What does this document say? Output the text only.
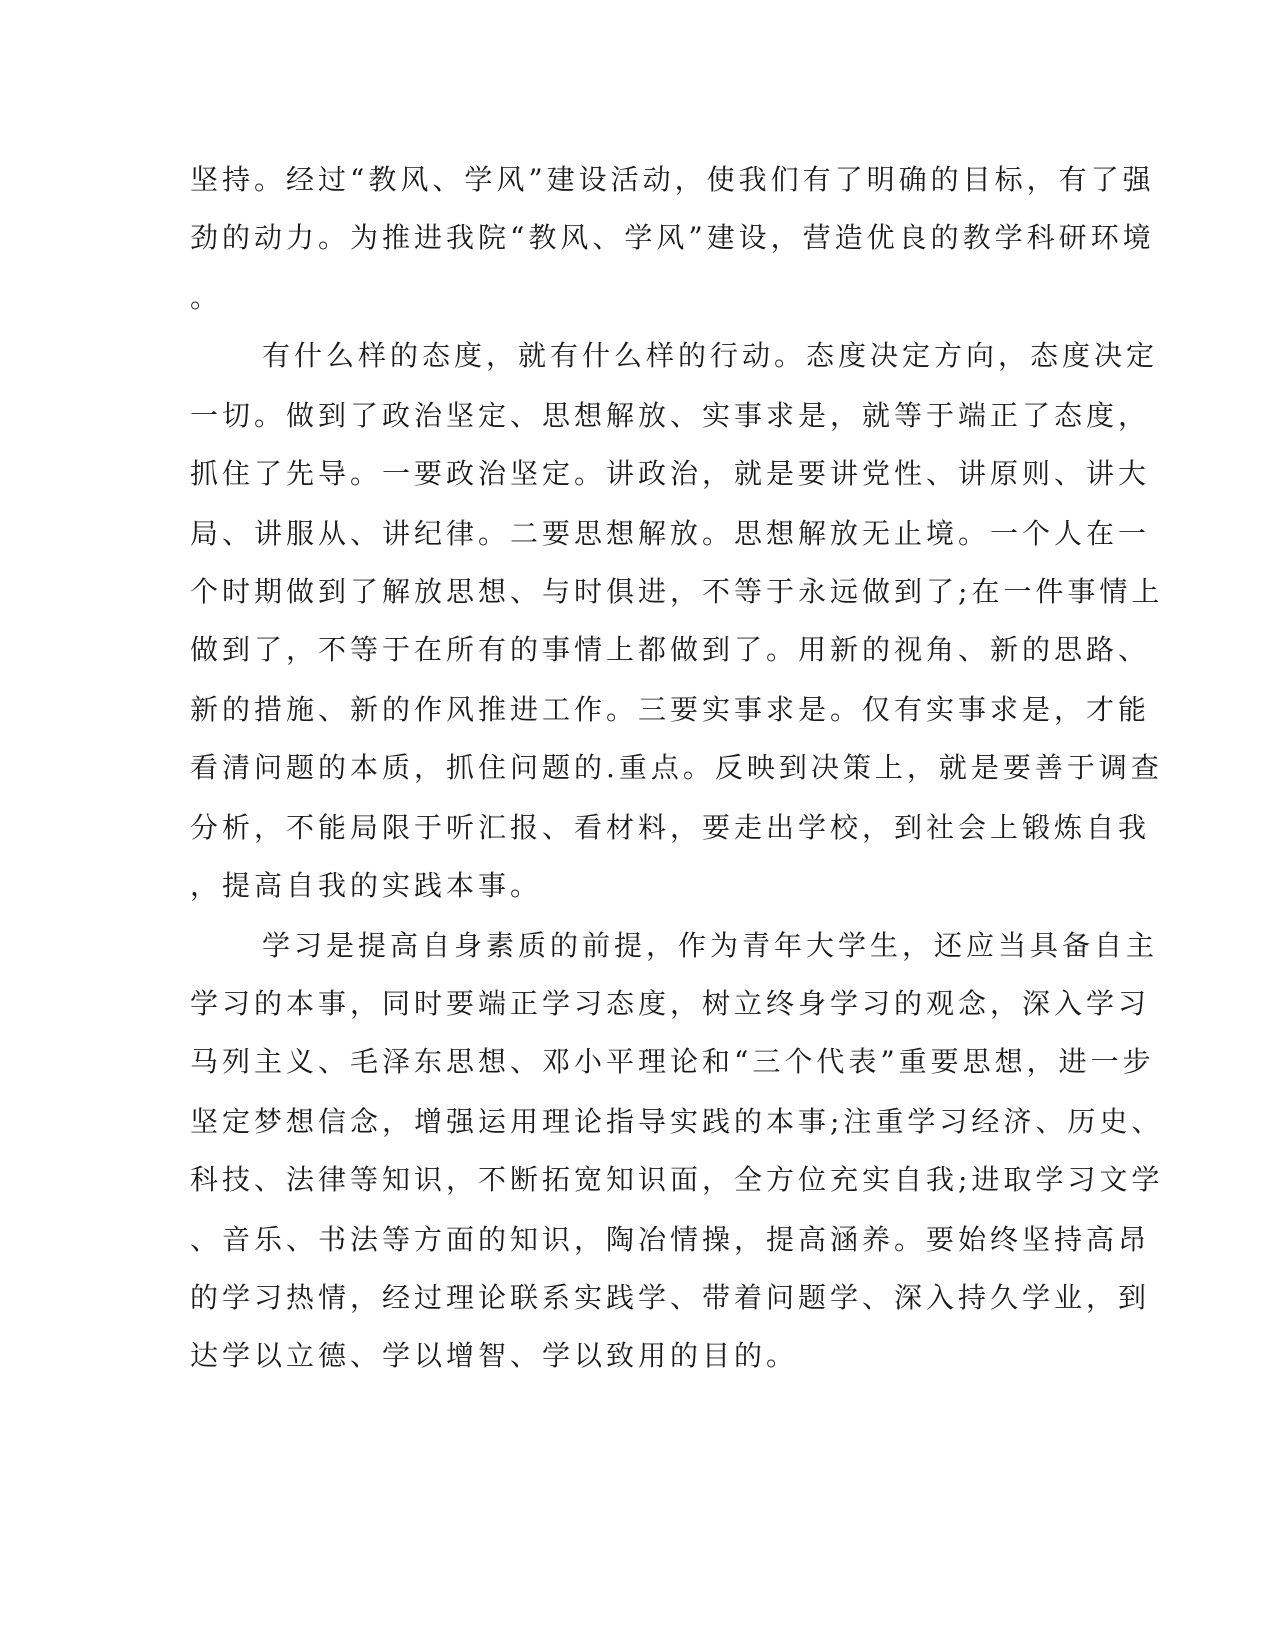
坚持。经过“教风、学风”建设活动，使我们有了明确的目标，有了强
劲的动力。为推进我院“教风、学风”建设，营造优良的教学科研环境
。
有什么样的态度，就有什么样的行动。态度决定方向，态度决定
一切。做到了政治坚定、思想解放、实事求是，就等于端正了态度，
抓住了先导。一要政治坚定。讲政治，就是要讲党性、讲原则、讲大
局、讲服从、讲纪律。二要思想解放。思想解放无止境。一个人在一
个时期做到了解放思想、与时俱进，不等于永远做到了;在一件事情上
做到了，不等于在所有的事情上都做到了。用新的视角、新的思路、
新的措施、新的作风推进工作。三要实事求是。仅有实事求是，才能
看清问题的本质，抓住问题的.重点。反映到决策上，就是要善于调查
分析，不能局限于听汇报、看材料，要走出学校，到社会上锻炼自我
，提高自我的实践本事。
学习是提高自身素质的前提，作为青年大学生，还应当具备自主
学习的本事，同时要端正学习态度，树立终身学习的观念，深入学习
马列主义、毛泽东思想、邓小平理论和“三个代表”重要思想，进一步
坚定梦想信念，增强运用理论指导实践的本事;注重学习经济、历史、
科技、法律等知识，不断拓宽知识面，全方位充实自我;进取学习文学
、音乐、书法等方面的知识，陶冶情操，提高涵养。要始终坚持高昂
的学习热情，经过理论联系实践学、带着问题学、深入持久学业，到
达学以立德、学以增智、学以致用的目的。
